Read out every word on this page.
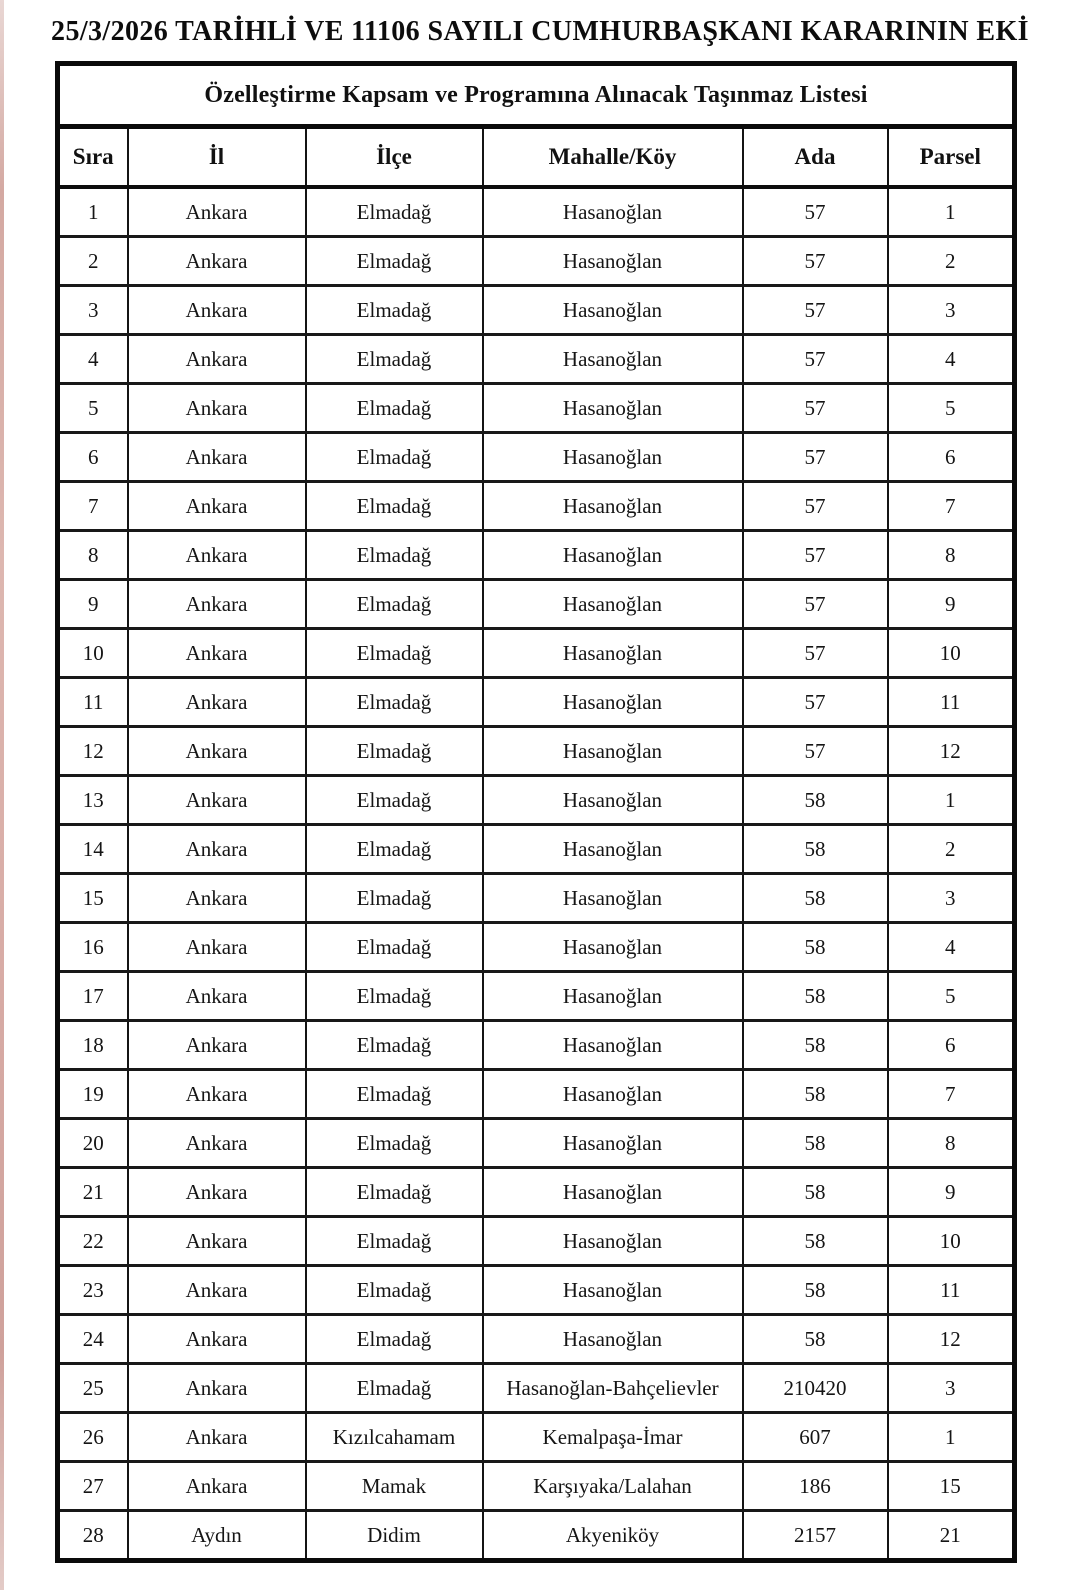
25/3/2026 TARİHLİ VE 11106 SAYILI CUMHURBAŞKANI KARARININ EKİ
Özelleştirme Kapsam ve Programına Alınacak Taşınmaz Listesi					
Sıra	İl	İlçe	Mahalle/Köy	Ada	Parsel
1	Ankara	Elmadağ	Hasanoğlan	57	1
2	Ankara	Elmadağ	Hasanoğlan	57	2
3	Ankara	Elmadağ	Hasanoğlan	57	3
4	Ankara	Elmadağ	Hasanoğlan	57	4
5	Ankara	Elmadağ	Hasanoğlan	57	5
6	Ankara	Elmadağ	Hasanoğlan	57	6
7	Ankara	Elmadağ	Hasanoğlan	57	7
8	Ankara	Elmadağ	Hasanoğlan	57	8
9	Ankara	Elmadağ	Hasanoğlan	57	9
10	Ankara	Elmadağ	Hasanoğlan	57	10
11	Ankara	Elmadağ	Hasanoğlan	57	11
12	Ankara	Elmadağ	Hasanoğlan	57	12
13	Ankara	Elmadağ	Hasanoğlan	58	1
14	Ankara	Elmadağ	Hasanoğlan	58	2
15	Ankara	Elmadağ	Hasanoğlan	58	3
16	Ankara	Elmadağ	Hasanoğlan	58	4
17	Ankara	Elmadağ	Hasanoğlan	58	5
18	Ankara	Elmadağ	Hasanoğlan	58	6
19	Ankara	Elmadağ	Hasanoğlan	58	7
20	Ankara	Elmadağ	Hasanoğlan	58	8
21	Ankara	Elmadağ	Hasanoğlan	58	9
22	Ankara	Elmadağ	Hasanoğlan	58	10
23	Ankara	Elmadağ	Hasanoğlan	58	11
24	Ankara	Elmadağ	Hasanoğlan	58	12
25	Ankara	Elmadağ	Hasanoğlan-Bahçelievler	210420	3
26	Ankara	Kızılcahamam	Kemalpaşa-İmar	607	1
27	Ankara	Mamak	Karşıyaka/Lalahan	186	15
28	Aydın	Didim	Akyeniköy	2157	21
